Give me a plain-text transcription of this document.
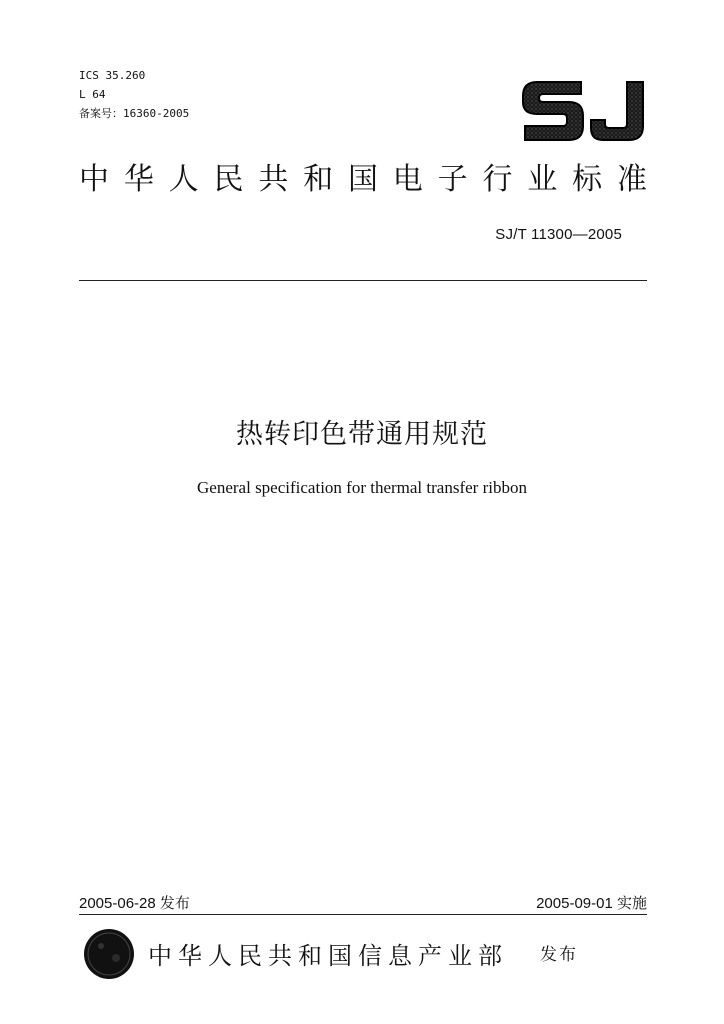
ICS 35.260
L 64
备案号：16360-2005
中 华 人 民 共 和 国 电 子 行 业 标 准
SJ/T 11300—2005
热转印色带通用规范
General specification for thermal transfer ribbon
2005-06-28 发布	2005-09-01 实施
中华人民共和国信息产业部 发布
